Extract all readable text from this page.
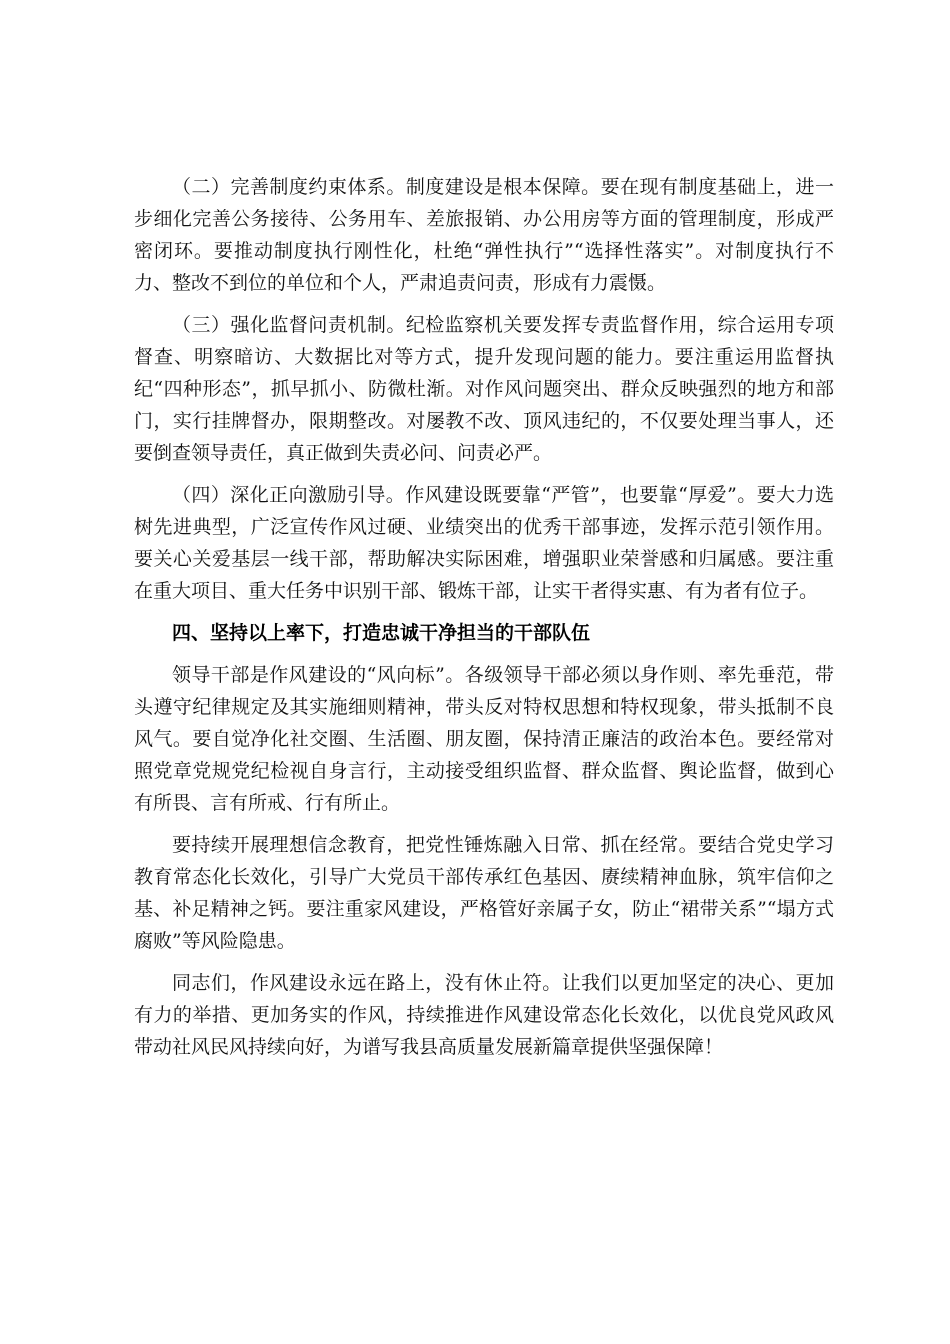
（二）完善制度约束体系。制度建设是根本保障。要在现有制度基础上，进一步细化完善公务接待、公务用车、差旅报销、办公用房等方面的管理制度，形成严密闭环。要推动制度执行刚性化，杜绝“弹性执行”“选择性落实”。对制度执行不力、整改不到位的单位和个人，严肃追责问责，形成有力震慑。

（三）强化监督问责机制。纪检监察机关要发挥专责监督作用，综合运用专项督查、明察暗访、大数据比对等方式，提升发现问题的能力。要注重运用监督执纪“四种形态”，抓早抓小、防微杜渐。对作风问题突出、群众反映强烈的地方和部门，实行挂牌督办，限期整改。对屡教不改、顶风违纪的，不仅要处理当事人，还要倒查领导责任，真正做到失责必问、问责必严。

（四）深化正向激励引导。作风建设既要靠“严管”，也要靠“厚爱”。要大力选树先进典型，广泛宣传作风过硬、业绩突出的优秀干部事迹，发挥示范引领作用。要关心关爱基层一线干部，帮助解决实际困难，增强职业荣誉感和归属感。要注重在重大项目、重大任务中识别干部、锻炼干部，让实干者得实惠、有为者有位子。

四、坚持以上率下，打造忠诚干净担当的干部队伍

领导干部是作风建设的“风向标”。各级领导干部必须以身作则、率先垂范，带头遵守纪律规定及其实施细则精神，带头反对特权思想和特权现象，带头抵制不良风气。要自觉净化社交圈、生活圈、朋友圈，保持清正廉洁的政治本色。要经常对照党章党规党纪检视自身言行，主动接受组织监督、群众监督、舆论监督，做到心有所畏、言有所戒、行有所止。

要持续开展理想信念教育，把党性锤炼融入日常、抓在经常。要结合党史学习教育常态化长效化，引导广大党员干部传承红色基因、赓续精神血脉，筑牢信仰之基、补足精神之钙。要注重家风建设，严格管好亲属子女，防止“裙带关系”“塌方式腐败”等风险隐患。

同志们，作风建设永远在路上，没有休止符。让我们以更加坚定的决心、更加有力的举措、更加务实的作风，持续推进作风建设常态化长效化，以优良党风政风带动社风民风持续向好，为谱写我县高质量发展新篇章提供坚强保障！
